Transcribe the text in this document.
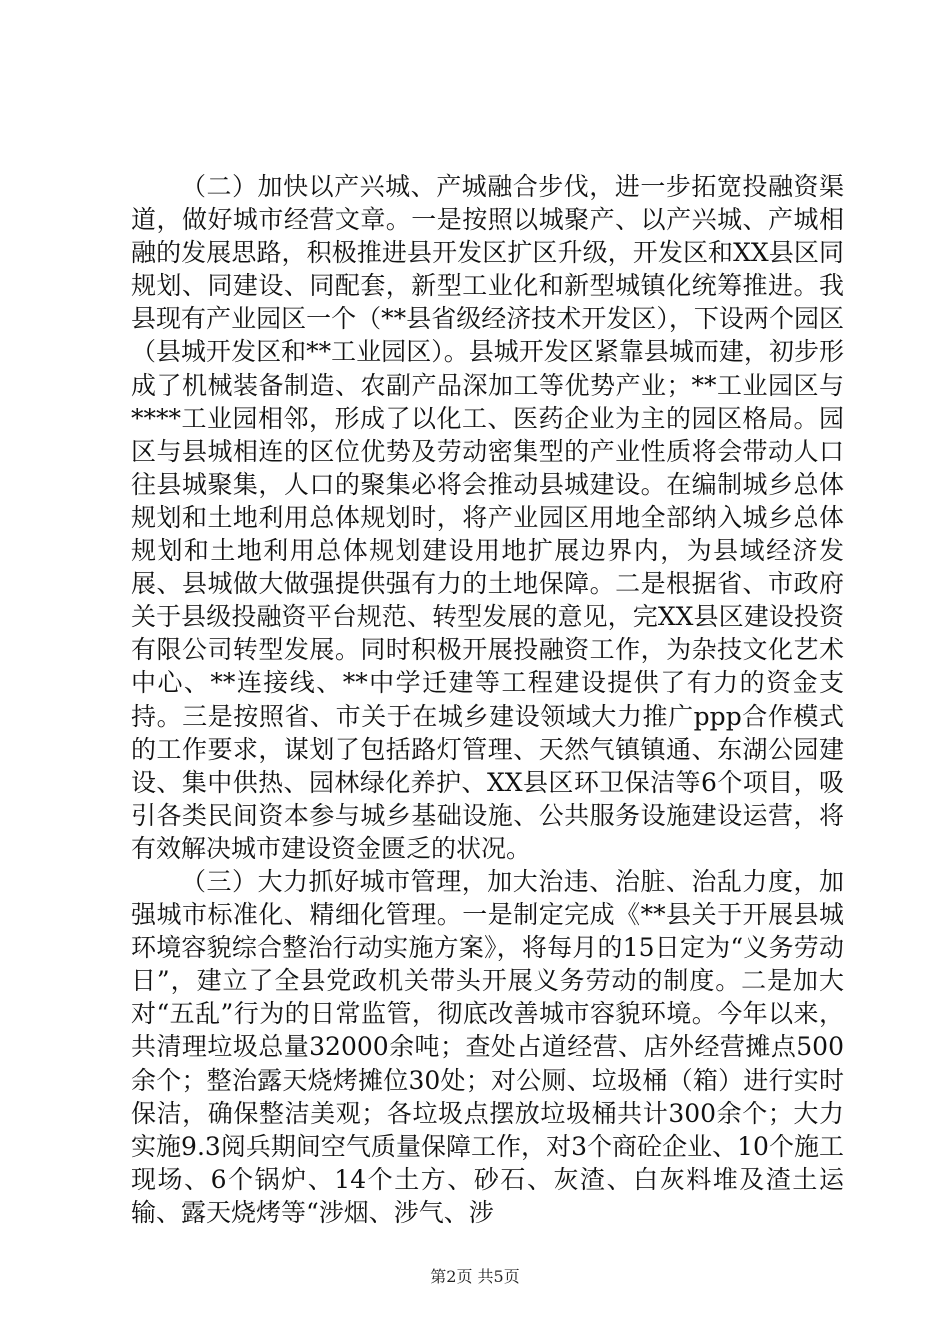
（二）加快以产兴城、产城融合步伐，进一步拓宽投融资渠道，做好城市经营文章。一是按照以城聚产、以产兴城、产城相融的发展思路，积极推进县开发区扩区升级，开发区和XX县区同规划、同建设、同配套，新型工业化和新型城镇化统筹推进。我县现有产业园区一个（**县省级经济技术开发区），下设两个园区（县城开发区和**工业园区）。县城开发区紧靠县城而建，初步形成了机械装备制造、农副产品深加工等优势产业；**工业园区与****工业园相邻，形成了以化工、医药企业为主的园区格局。园区与县城相连的区位优势及劳动密集型的产业性质将会带动人口往县城聚集，人口的聚集必将会推动县城建设。在编制城乡总体规划和土地利用总体规划时，将产业园区用地全部纳入城乡总体规划和土地利用总体规划建设用地扩展边界内，为县域经济发展、县城做大做强提供强有力的土地保障。二是根据省、市政府关于县级投融资平台规范、转型发展的意见，完XX县区建设投资有限公司转型发展。同时积极开展投融资工作，为杂技文化艺术中心、**连接线、**中学迁建等工程建设提供了有力的资金支持。三是按照省、市关于在城乡建设领域大力推广ppp合作模式的工作要求，谋划了包括路灯管理、天然气镇镇通、东湖公园建设、集中供热、园林绿化养护、XX县区环卫保洁等6个项目，吸引各类民间资本参与城乡基础设施、公共服务设施建设运营，将有效解决城市建设资金匮乏的状况。

（三）大力抓好城市管理，加大治违、治脏、治乱力度，加强城市标准化、精细化管理。一是制定完成《**县关于开展县城环境容貌综合整治行动实施方案》，将每月的15日定为“义务劳动日”，建立了全县党政机关带头开展义务劳动的制度。二是加大对“五乱”行为的日常监管，彻底改善城市容貌环境。今年以来，共清理垃圾总量32000余吨；查处占道经营、店外经营摊点500余个；整治露天烧烤摊位30处；对公厕、垃圾桶（箱）进行实时保洁，确保整洁美观；各垃圾点摆放垃圾桶共计300余个；大力实施9.3阅兵期间空气质量保障工作，对3个商砼企业、10个施工现场、6个锅炉、14个土方、砂石、灰渣、白灰料堆及渣土运输、露天烧烤等“涉烟、涉气、涉

第2页 共5页
